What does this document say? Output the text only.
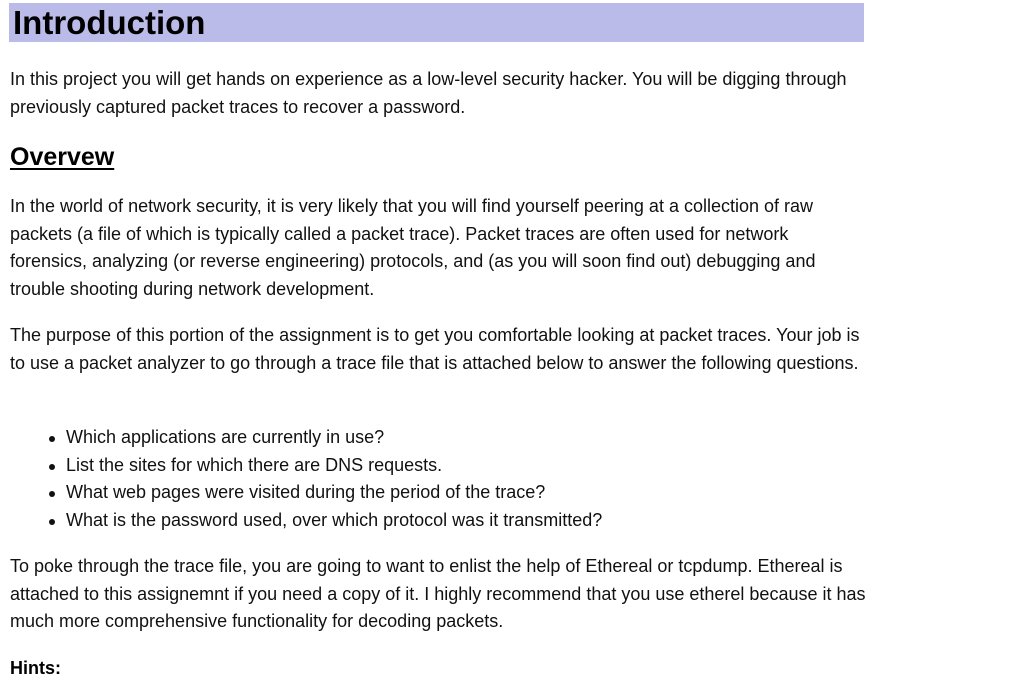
Introduction

In this project you will get hands on experience as a low-level security hacker. You will be digging through previously captured packet traces to recover a password.

Overvew

In the world of network security, it is very likely that you will find yourself peering at a collection of raw packets (a file of which is typically called a packet trace). Packet traces are often used for network forensics, analyzing (or reverse engineering) protocols, and (as you will soon find out) debugging and trouble shooting during network development.

The purpose of this portion of the assignment is to get you comfortable looking at packet traces. Your job is to use a packet analyzer to go through a trace file that is attached below to answer the following questions.

Which applications are currently in use?
List the sites for which there are DNS requests.
What web pages were visited during the period of the trace?
What is the password used, over which protocol was it transmitted?

To poke through the trace file, you are going to want to enlist the help of Ethereal or tcpdump. Ethereal is attached to this assignemnt if you need a copy of it. I highly recommend that you use etherel because it has much more comprehensive functionality for decoding packets.

Hints:
